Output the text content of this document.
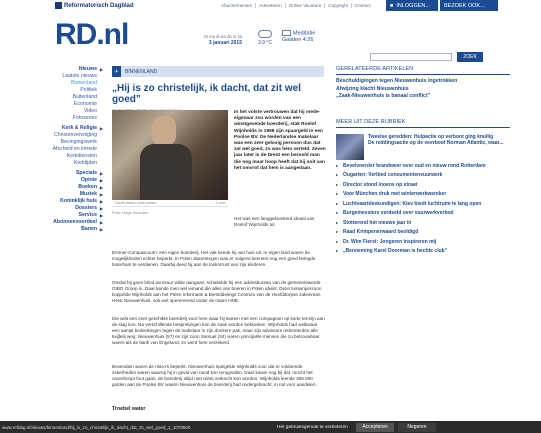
Reformatorisch Dagblad	Abonnementen	Adverteren	Online Vacature	Copyright	Contact	■ INLOGGEN...	BEZOEK OOK...
RD.nl	zo ma di wo do vr za
3 januari 2015	3.9 °C
Meditatie
Galaten 4:26
ZOEK
Nieuws ▶
Laatste nieuws
Binnenland
Politiek
Buitenland
Economie
Video
Fotoseries
Kerk & Religie ▶
Christenvervolging
Bevingingswerk
Afscheid en intrede
Kerkdiensten
Kerktijden
Specials ▶
Opinie ▶
Boeken ▶
Muziek ▶
Koninklijk huis ▶
Dossiers ▶
Service ▶
Abonneevoordeel ▶
Banen ▶
✈	BINNENLAND
„Hij is zo christelijk, ik dacht, dat zit wel goed”
Geeft enkel vertrouwen	1 van
Foto: Hoge Noorden
In het volste vertrouwen dat hij mede-eigenaar zou worden van een winstgevende boerderij, stak Roelof Wijnholds in 1998 zijn spaargeld in een Poolse BV. De Nederlandse makelaar was een zeer gelovig persoon dus dat zat wel goed, zo was hem verteld. Zeven jaar later is de Drent een beroold man die nog maar hoop heeft dat hij ooit van het omvrot dat hem is aangedaan.
Het was een langgekoesterd ideaal van Roelof Wijnholds uit
Emmer-Compascuum: een eigen boerderij. Het vak kende hij van huis uit. In eigen land waren de mogelijkheden echter beperkt. In Polen daarentegen was er volgens kenners nog een goed belegde boterham te verdienen. Daarbij deed hij aan de lookorrunt van zijn kinderen.
Omdat hij geen blind avontuur wilde aangaan, schakelde hij een adviesbureau van de gemeentewerde GIBO Groep in. Daar kende men wel iemand die alles van boeren in Polen afwist. Deze tussenpersoon koppelde Wijnholds aan het Polen Informatie & Bemiddelings Centrum van de Hoofddorpse zakenman Henk Nieuwenhuis, ook wel operererend onder de naam HNB.
Die wist een zeer geschikte boerderij voor hem waar hij samen met een compagnon op korte termijn aan de slag kon. Na verschillende besprekingen kon de zaak worden beklonken. Wijnholds had welkwaar een aantal bedenkingen tegen de makelaar in zijn donkere pak, maar zijn adviseurs redeneerden alle twijfels weg: Nieuwenhuis (57) en zijn zoon Samuel (34) waren principiële mensen die zo betrouwbaar waren als de bank van Engeland, zo werd hem verzekerd.
Bovendien waren de risico's beperkt. Nieuwenhuis spiegelde Wijnholds voor dat er voldoende zekerheden waren waarop hij in geval van nood kon terugvallen. Daar kwam nog bij dat, mocht het onverhoopt fout gaan, de boerderij altijd met winst verkocht kon worden. Wijnholds leende 308.000 gulden aan de Poolse BV waarin Nieuwenhuis de boerderij had ondergebracht, in ruil voor aandelen.
Troebel water
GERELATEERDE ARTIKELEN
Beschuldigingen tegen Nieuwenhuis ingetrokken
Afwijzing klacht Nieuwenhuis
„Zaak-Nieuwenhuis is banaal conflict”
MEER UIT DEZE RUBRIEK
Tweelse geredden: Hulpactie op verboot ging knullig
De reddingsactie op de veerboot Norman Atlantic, waar...
▸ Bevelvoerder brandweer over oud en nieuw rond Rotterdam
▸ Ougarten: Verbied consumentenvuurwerk
▸ Director stond inoens op straat
▸ Voor München druk met winterwerkwereker
▸ Luchtvaartdeskundigen: Kiev biedt luchtruim te lang open
▸ Burgemeesters verdeeld over vuurwerkverbod
▸ Stotterend het nieuwe jaar in
▸ Raad Krimpenerwaard beoldigd
▸ Dr. Wim Fierst: Jongeren inspireren mij
▸ „Benoeming Karel Doorman is hechte club”
www.refdag.nl/nieuws/binnenland/hij_is_zo_christelijk_ik_dacht_dat_zit_wel_goed_1_1070500	Het gebruiksgemak te verbeteren	Accepteren	Negeren
